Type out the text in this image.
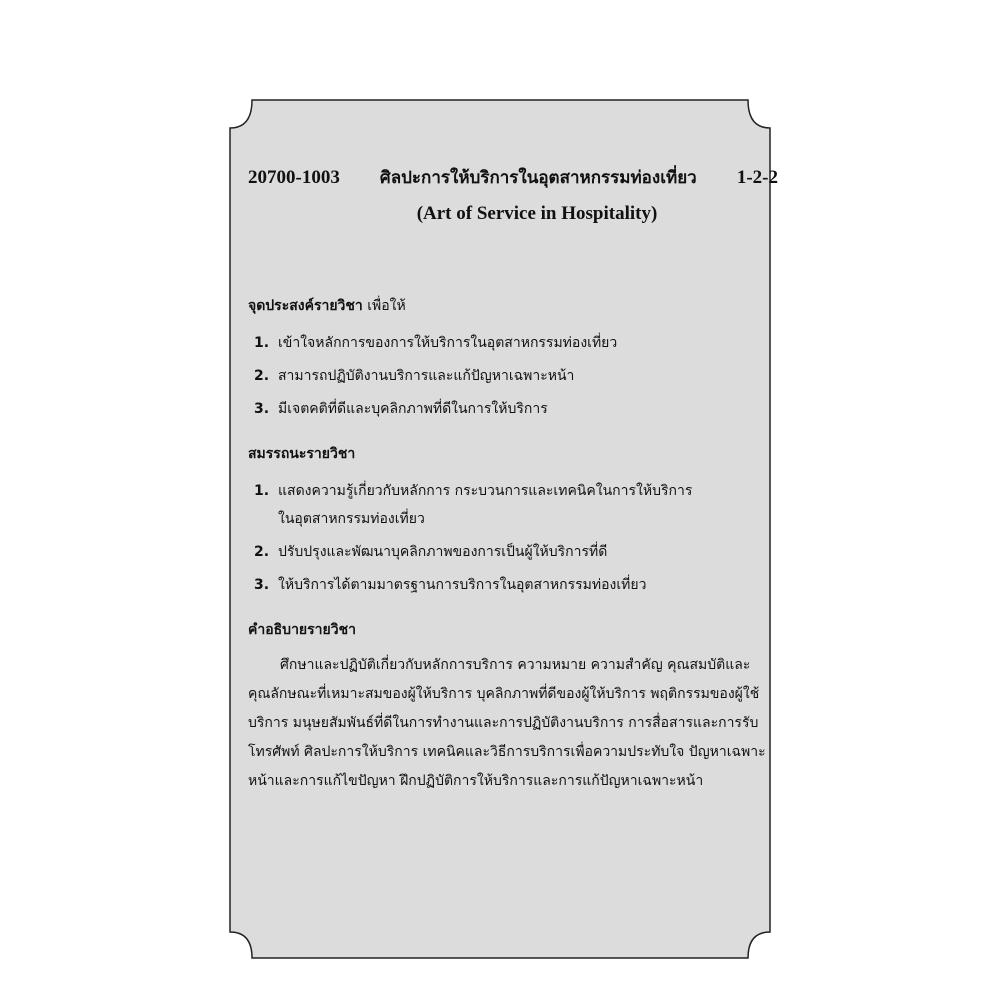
20700-1003 ศิลปะการให้บริการในอุตสาหกรรมท่องเที่ยว 1-2-2
(Art of Service in Hospitality)
จุดประสงค์รายวิชา เพื่อให้
1. เข้าใจหลักการของการให้บริการในอุตสาหกรรมท่องเที่ยว
2. สามารถปฏิบัติงานบริการและแก้ปัญหาเฉพาะหน้า
3. มีเจตคติที่ดีและบุคลิกภาพที่ดีในการให้บริการ
สมรรถนะรายวิชา
1. แสดงความรู้เกี่ยวกับหลักการ กระบวนการและเทคนิคในการให้บริการ
ในอุตสาหกรรมท่องเที่ยว
2. ปรับปรุงและพัฒนาบุคลิกภาพของการเป็นผู้ให้บริการที่ดี
3. ให้บริการได้ตามมาตรฐานการบริการในอุตสาหกรรมท่องเที่ยว
คำอธิบายรายวิชา
ศึกษาและปฏิบัติเกี่ยวกับหลักการบริการ ความหมาย ความสำคัญ คุณสมบัติและ
คุณลักษณะที่เหมาะสมของผู้ให้บริการ บุคลิกภาพที่ดีของผู้ให้บริการ พฤติกรรมของผู้ใช้
บริการ มนุษยสัมพันธ์ที่ดีในการทำงานและการปฏิบัติงานบริการ การสื่อสารและการรับ
โทรศัพท์ ศิลปะการให้บริการ เทคนิคและวิธีการบริการเพื่อความประทับใจ ปัญหาเฉพาะ
หน้าและการแก้ไขปัญหา ฝึกปฏิบัติการให้บริการและการแก้ปัญหาเฉพาะหน้า
